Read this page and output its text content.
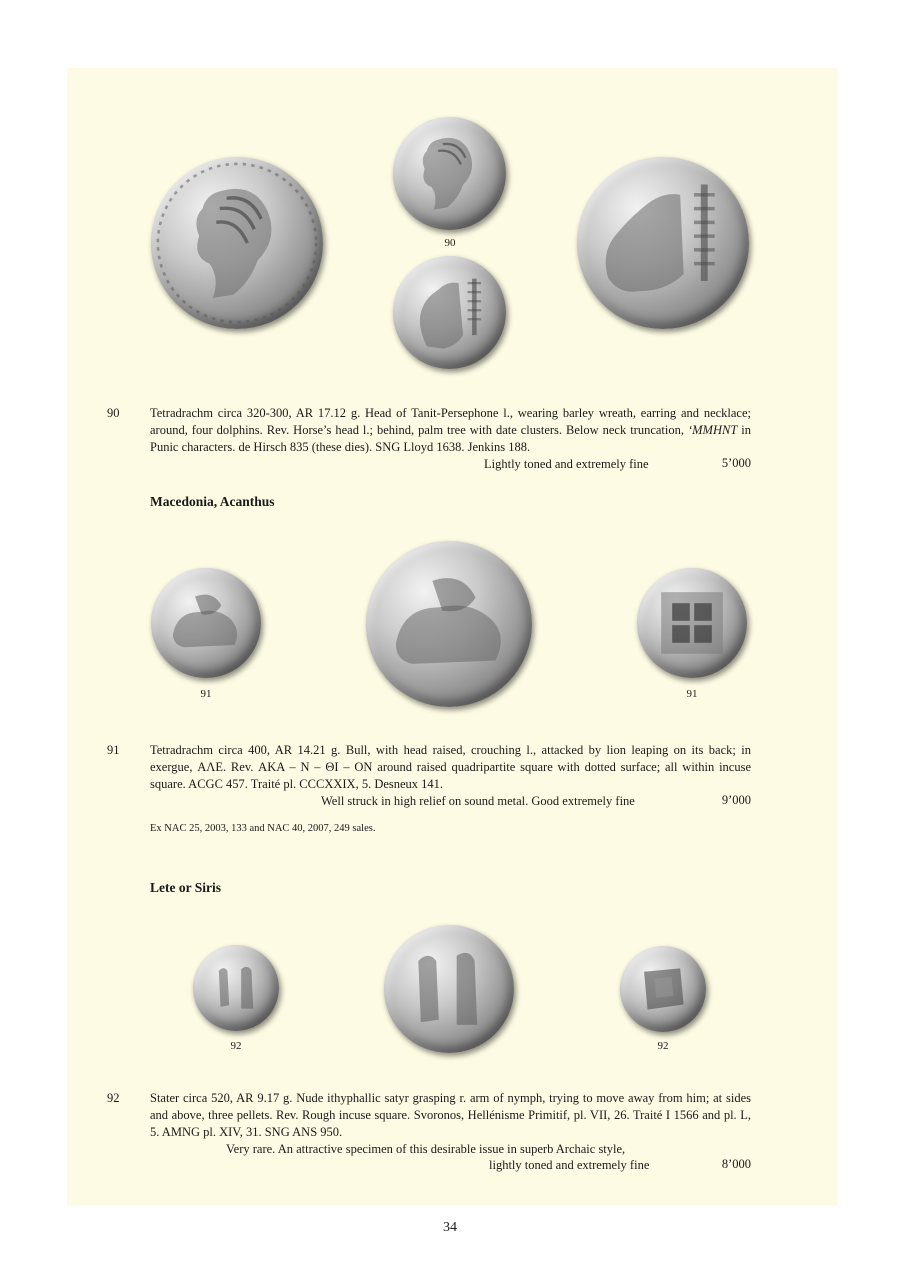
90
90 Tetradrachm circa 320-300, AR 17.12 g. Head of Tanit-Persephone l., wearing barley wreath, earring and necklace; around, four dolphins. Rev. Horse’s head l.; behind, palm tree with date clusters. Below neck truncation, ‘MMHNT in Punic characters. de Hirsch 835 (these dies). SNG Lloyd 1638. Jenkins 188.
Lightly toned and extremely fine	5’000
Macedonia, Acanthus
91	91
91 Tetradrachm circa 400, AR 14.21 g. Bull, with head raised, crouching l., attacked by lion leaping on its back; in exergue, ΑΛΕ. Rev. ΑΚΑ – Ν – ΘΙ – ΟΝ around raised quadripartite square with dotted surface; all within incuse square. ACGC 457. Traité pl. CCCXXIX, 5. Desneux 141.
Well struck in high relief on sound metal. Good extremely fine	9’000
Ex NAC 25, 2003, 133 and NAC 40, 2007, 249 sales.
Lete or Siris
92	92
92 Stater circa 520, AR 9.17 g. Nude ithyphallic satyr grasping r. arm of nymph, trying to move away from him; at sides and above, three pellets. Rev. Rough incuse square. Svoronos, Hellénisme Primitif, pl. VII, 26. Traité I 1566 and pl. L, 5. AMNG pl. XIV, 31. SNG ANS 950.
Very rare. An attractive specimen of this desirable issue in superb Archaic style,
lightly toned and extremely fine	8’000
34
